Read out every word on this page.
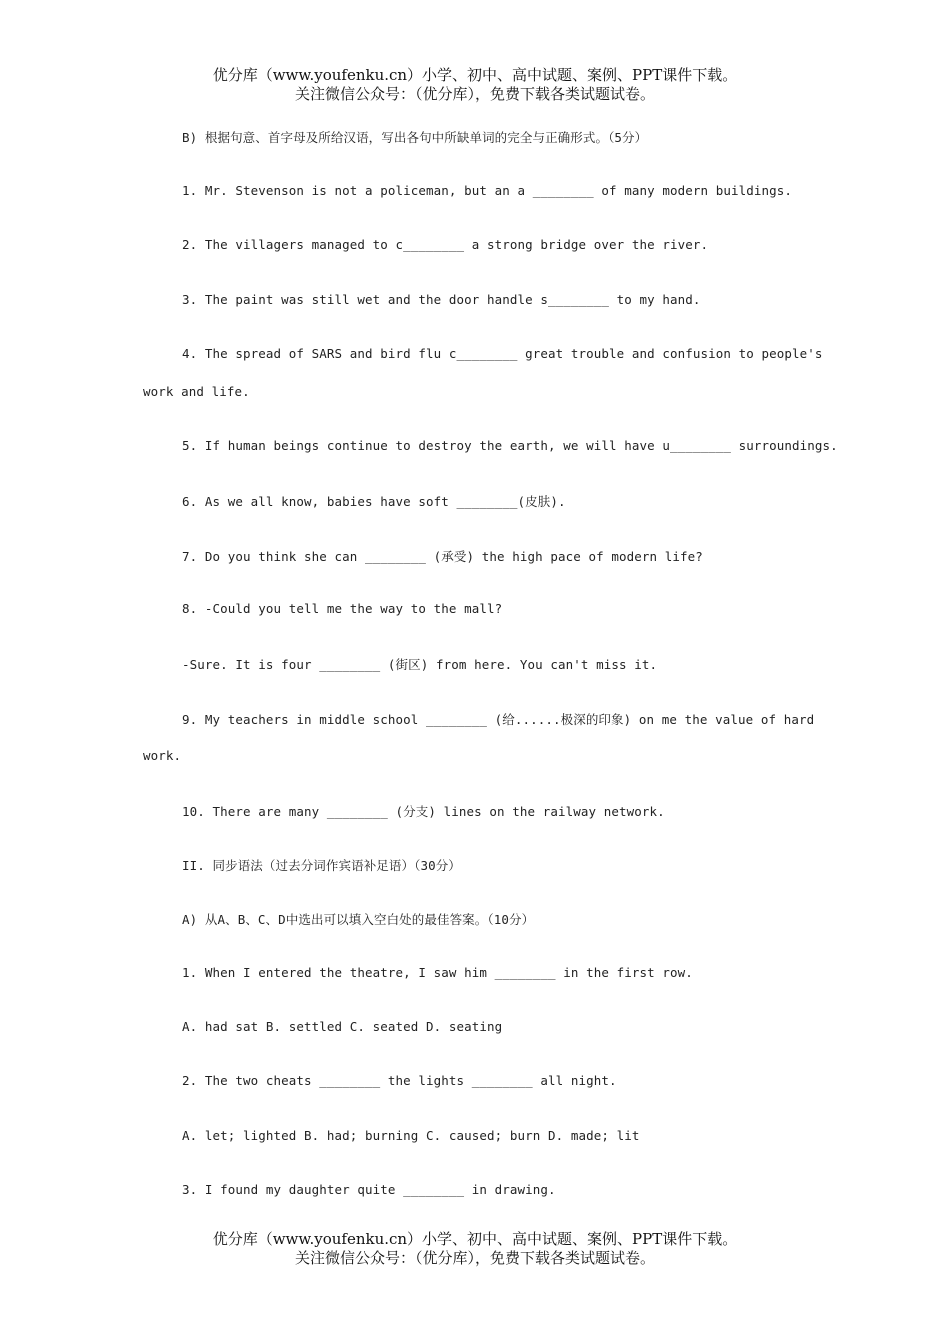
优分库（www.youfenku.cn）小学、初中、高中试题、案例、PPT课件下载。
关注微信公众号：（优分库），免费下载各类试题试卷。
B) 根据句意、首字母及所给汉语，写出各句中所缺单词的完全与正确形式。（5分）
1. Mr. Stevenson is not a policeman, but an a ________ of many modern buildings.
2. The villagers managed to c________ a strong bridge over the river.
3. The paint was still wet and the door handle s________ to my hand.
4. The spread of SARS and bird flu c________ great trouble and confusion to people's
work and life.
5. If human beings continue to destroy the earth, we will have u________ surroundings.
6. As we all know, babies have soft ________(皮肤).
7. Do you think she can ________ (承受) the high pace of modern life?
8. -Could you tell me the way to the mall?
-Sure. It is four ________ (街区) from here. You can't miss it.
9. My teachers in middle school ________ (给......极深的印象) on me the value of hard
work.
10. There are many ________ (分支) lines on the railway network.
II. 同步语法（过去分词作宾语补足语）（30分）
A) 从A、B、C、D中选出可以填入空白处的最佳答案。（10分）
1. When I entered the theatre, I saw him ________ in the first row.
A. had sat B. settled C. seated D. seating
2. The two cheats ________ the lights ________ all night.
A. let; lighted B. had; burning C. caused; burn D. made; lit
3. I found my daughter quite ________ in drawing.
优分库（www.youfenku.cn）小学、初中、高中试题、案例、PPT课件下载。
关注微信公众号：（优分库），免费下载各类试题试卷。
